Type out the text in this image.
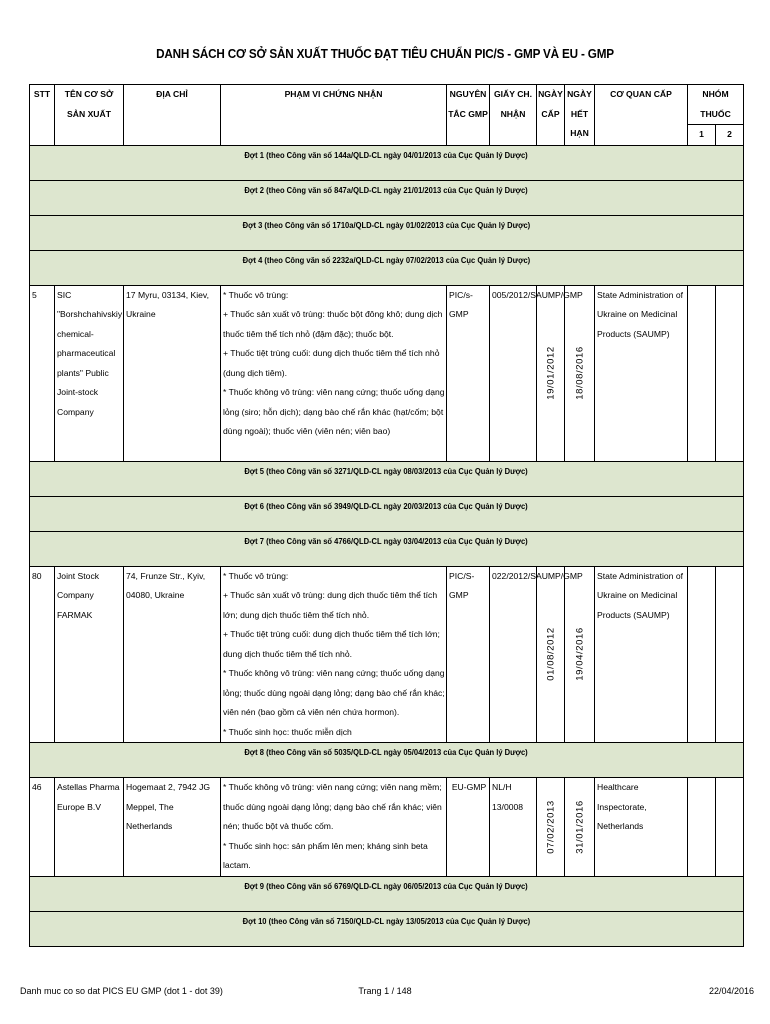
DANH SÁCH CƠ SỞ SẢN XUẤT THUỐC ĐẠT TIÊU CHUẨN PIC/S - GMP VÀ EU - GMP
STT	TÊN CƠ SỞ SẢN XUẤT	ĐỊA CHỈ	PHẠM VI CHỨNG NHẬN	NGUYÊN TẮC GMP	GIẤY CH. NHẬN	NGÀY CẤP	NGÀY HẾT HẠN	CƠ QUAN CẤP	NHÓM THUỐC	
									1	2
Đợt 1 (theo Công văn số 144a/QLD-CL ngày 04/01/2013 của Cục Quản lý Dược)										
Đợt 2 (theo Công văn số 847a/QLD-CL ngày 21/01/2013 của Cục Quản lý Dược)										
Đợt 3 (theo Công văn số 1710a/QLD-CL ngày 01/02/2013 của Cục Quản lý Dược)										
Đợt 4 (theo Công văn số 2232a/QLD-CL ngày 07/02/2013 của Cục Quản lý Dược)										
5	SIC "Borshchahivskiy chemical-pharmaceutical plants" Public Joint-stock Company	17 Myru, 03134, Kiev, Ukraine	* Thuốc vô trùng:
+ Thuốc sản xuất vô trùng: thuốc bột đông khô; dung dịch thuốc tiêm thể tích nhỏ (đậm đặc); thuốc bột.
+ Thuốc tiệt trùng cuối: dung dịch thuốc tiêm thể tích nhỏ (dung dịch tiêm).
* Thuốc không vô trùng: viên nang cứng; thuốc uống dạng lỏng (siro; hỗn dịch); dạng bào chế rắn khác (hạt/cốm; bột dùng ngoài); thuốc viên (viên nén; viên bao)	PIC/s-GMP	005/2012/SAUMP/GMP	19/01/2012	18/08/2016	State Administration of Ukraine on Medicinal Products (SAUMP)		
Đợt 5 (theo Công văn số 3271/QLD-CL ngày 08/03/2013 của Cục Quản lý Dược)										
Đợt 6 (theo Công văn số 3949/QLD-CL ngày 20/03/2013 của Cục Quản lý Dược)										
Đợt 7 (theo Công văn số 4766/QLD-CL ngày 03/04/2013 của Cục Quản lý Dược)										
80	Joint Stock Company FARMAK	74, Frunze Str., Kyiv, 04080, Ukraine	* Thuốc vô trùng:
+ Thuốc sản xuất vô trùng: dung dịch thuốc tiêm thể tích lớn; dung dịch thuốc tiêm thể tích nhỏ.
+ Thuốc tiệt trùng cuối: dung dịch thuốc tiêm thể tích lớn; dung dịch thuốc tiêm thể tích nhỏ.
* Thuốc không vô trùng: viên nang cứng; thuốc uống dạng lỏng; thuốc dùng ngoài dạng lỏng; dạng bào chế rắn khác; viên nén (bao gồm cả viên nén chứa hormon).
* Thuốc sinh học: thuốc miễn dịch	PIC/S-GMP	022/2012/SAUMP/GMP	01/08/2012	19/04/2016	State Administration of Ukraine on Medicinal Products (SAUMP)		
Đợt 8 (theo Công văn số 5035/QLD-CL ngày 05/04/2013 của Cục Quản lý Dược)										
46	Astellas Pharma Europe B.V	Hogemaat 2, 7942 JG Meppel, The Netherlands	* Thuốc không vô trùng: viên nang cứng; viên nang mềm; thuốc dùng ngoài dạng lỏng; dạng bào chế rắn khác; viên nén; thuốc bột và thuốc cốm.
* Thuốc sinh học: sản phẩm lên men; kháng sinh beta lactam.	EU-GMP	NL/H 13/0008	07/02/2013	31/01/2016	Healthcare Inspectorate, Netherlands		
Đợt 9 (theo Công văn số 6769/QLD-CL ngày 06/05/2013 của Cục Quản lý Dược)										
Đợt 10 (theo Công văn số 7150/QLD-CL ngày 13/05/2013 của Cục Quản lý Dược)										
Danh muc co so dat PICS EU GMP (dot 1 - dot 39)	Trang 1 / 148	22/04/2016
